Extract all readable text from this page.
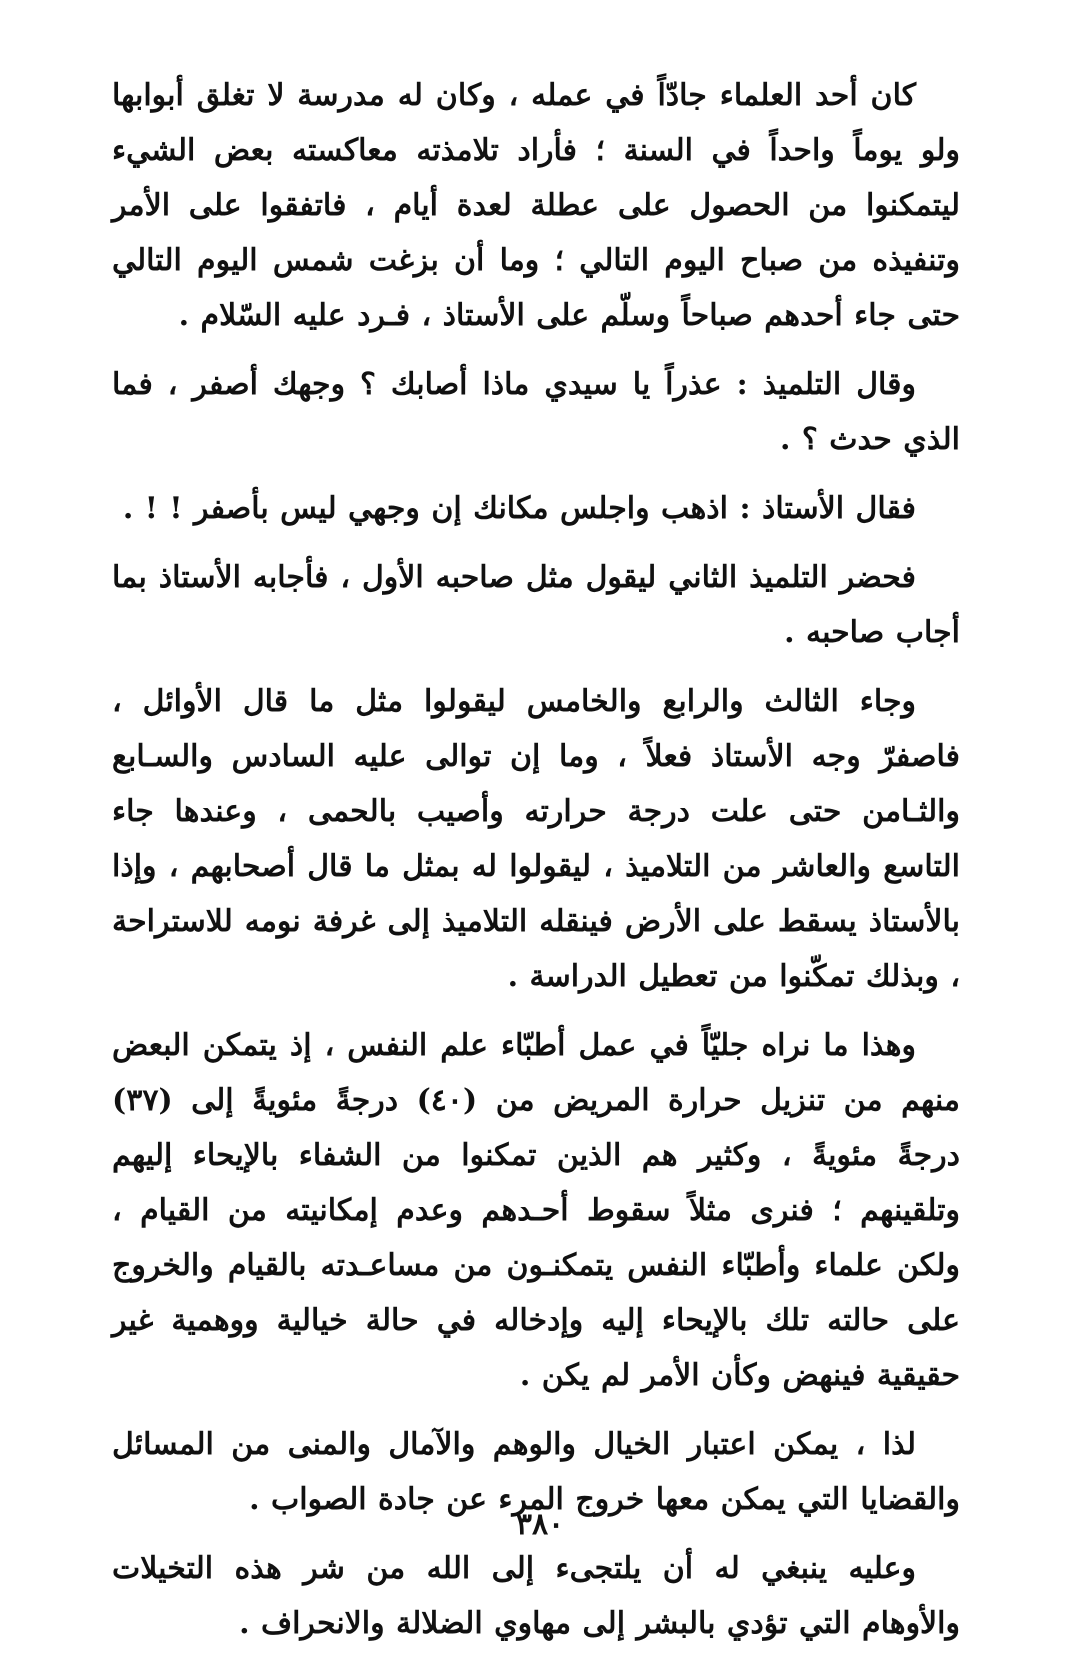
كان أحد العلماء جادّاً في عمله ، وكان له مدرسة لا تغلق أبوابها ولو يوماً واحداً في السنة ؛ فأراد تلامذته معاكسته بعض الشيء ليتمكنوا من الحصول على عطلة لعدة أيام ، فاتفقوا على الأمر وتنفيذه من صباح اليوم التالي ؛ وما أن بزغت شمس اليوم التالي حتى جاء أحدهم صباحاً وسلّم على الأستاذ ، فـرد عليه السّلام .

وقال التلميذ : عذراً يا سيدي ماذا أصابك ؟ وجهك أصفر ، فما الذي حدث ؟ .

فقال الأستاذ : اذهب واجلس مكانك إن وجهي ليس بأصفر ! ! .

فحضر التلميذ الثاني ليقول مثل صاحبه الأول ، فأجابه الأستاذ بما أجاب صاحبه .

وجاء الثالث والرابع والخامس ليقولوا مثل ما قال الأوائل ، فاصفرّ وجه الأستاذ فعلاً ، وما إن توالى عليه السادس والسـابع والثـامن حتى علت درجة حرارته وأصيب بالحمى ، وعندها جاء التاسع والعاشر من التلاميذ ، ليقولوا له بمثل ما قال أصحابهم ، وإذا بالأستاذ يسقط على الأرض فينقله التلاميذ إلى غرفة نومه للاستراحة ، وبذلك تمكّنوا من تعطيل الدراسة .

وهذا ما نراه جليّاً في عمل أطبّاء علم النفس ، إذ يتمكن البعض منهم من تنزيل حرارة المريض من (٤٠) درجةً مئويةً إلى (٣٧) درجةً مئويةً ، وكثير هم الذين تمكنوا من الشفاء بالإيحاء إليهم وتلقينهم ؛ فنرى مثلاً سقوط أحـدهم وعدم إمكانيته من القيام ، ولكن علماء وأطبّاء النفس يتمكنـون من مساعـدته بالقيام والخروج على حالته تلك بالإيحاء إليه وإدخاله في حالة خيالية ووهمية غير حقيقية فينهض وكأن الأمر لم يكن .

لذا ، يمكن اعتبار الخيال والوهم والآمال والمنى من المسائل والقضايا التي يمكن معها خروج المرء عن جادة الصواب .

وعليه ينبغي له أن يلتجىء إلى الله من شر هذه التخيلات والأوهام التي تؤدي بالبشر إلى مهاوي الضلالة والانحراف .

٣٨٠
